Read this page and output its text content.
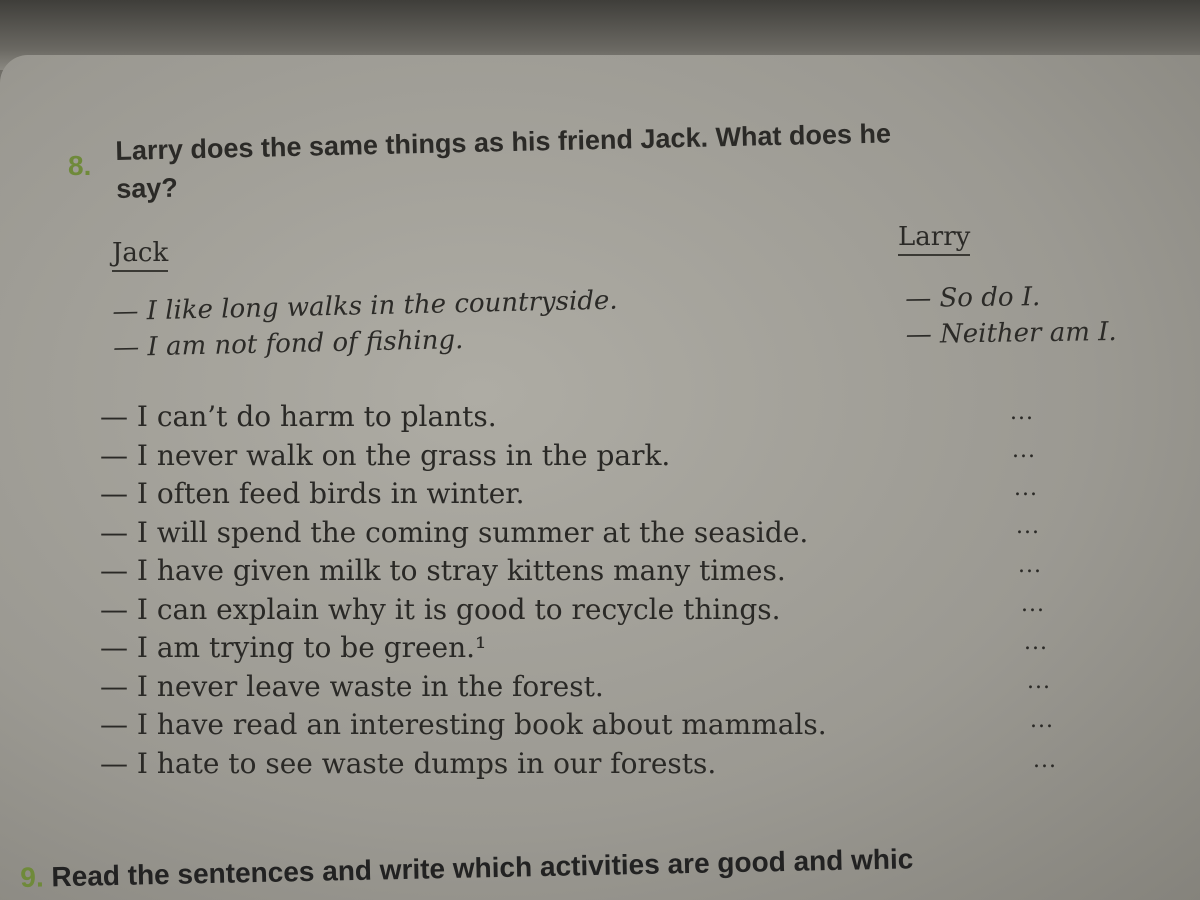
8. Larry does the same things as his friend Jack. What does he
say?
Jack
Larry
— I like long walks in the countryside.
— I am not fond of fishing.
— So do I.
— Neither am I.
— I can’t do harm to plants.
— I never walk on the grass in the park.
— I often feed birds in winter.
— I will spend the coming summer at the seaside.
— I have given milk to stray kittens many times.
— I can explain why it is good to recycle things.
— I am trying to be green.¹
— I never leave waste in the forest.
— I have read an interesting book about mammals.
— I hate to see waste dumps in our forests.
...
...
...
...
...
...
...
...
...
...
9. Read the sentences and write which activities are good and whic
